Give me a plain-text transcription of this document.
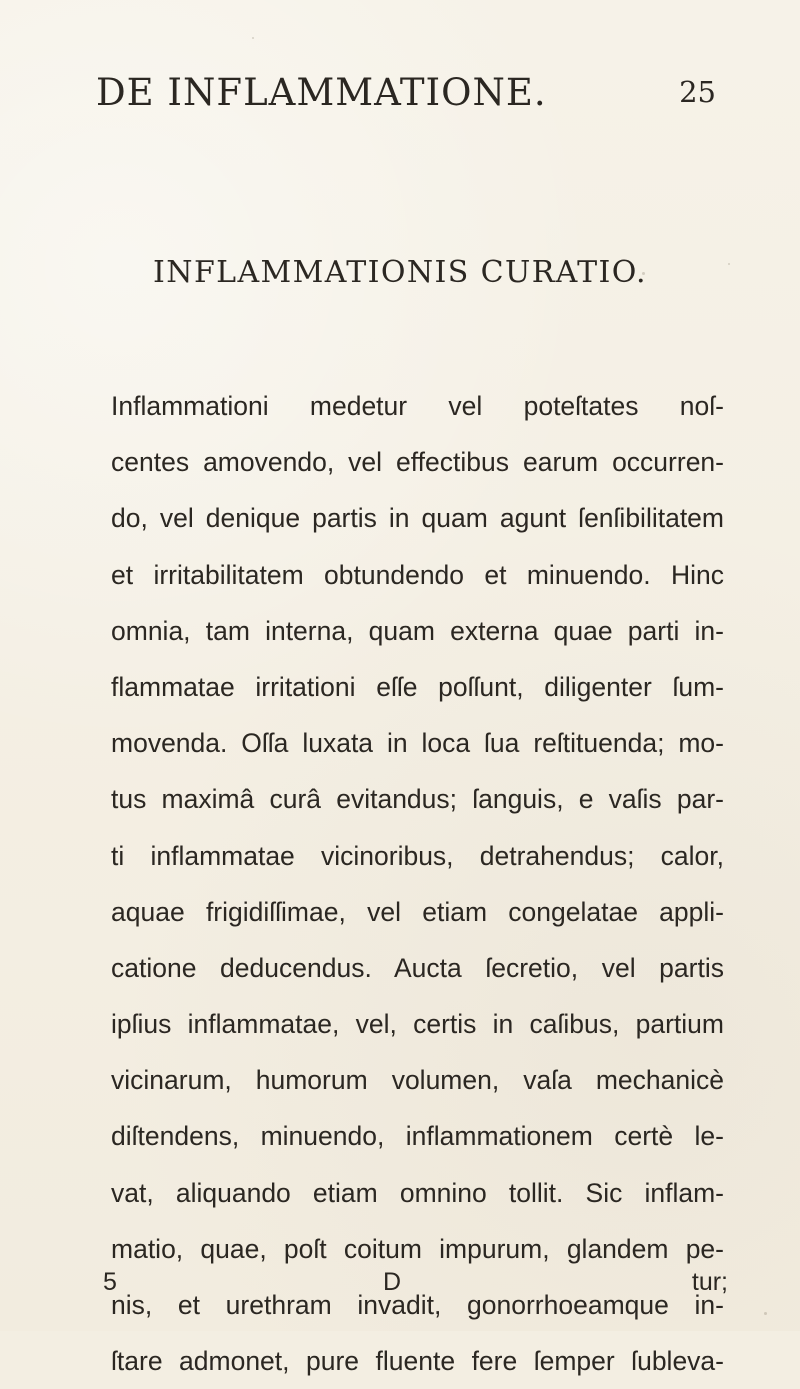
DE INFLAMMATIONE.	25
INFLAMMATIONIS CURATIO.
Inflammationi medetur vel poteſtates noſ-
centes amovendo, vel effectibus earum occurren-
do, vel denique partis in quam agunt ſenſibilitatem
et irritabilitatem obtundendo et minuendo. Hinc
omnia, tam interna, quam externa quae parti in-
flammatae irritationi eſſe poſſunt, diligenter ſum-
movenda. Oſſa luxata in loca ſua reſtituenda; mo-
tus maximâ curâ evitandus; ſanguis, e vaſis par-
ti inflammatae vicinoribus, detrahendus; calor,
aquae frigidiſſimae, vel etiam congelatae appli-
catione deducendus. Aucta ſecretio, vel partis
ipſius inflammatae, vel, certis in caſibus, partium
vicinarum, humorum volumen, vaſa mechanicè
diſtendens, minuendo, inflammationem certè le-
vat, aliquando etiam omnino tollit. Sic inflam-
matio, quae, poſt coitum impurum, glandem pe-
nis, et urethram invadit, gonorrhoeamque in-
ſtare admonet, pure fluente fere ſemper ſubleva-
5	D	tur;
